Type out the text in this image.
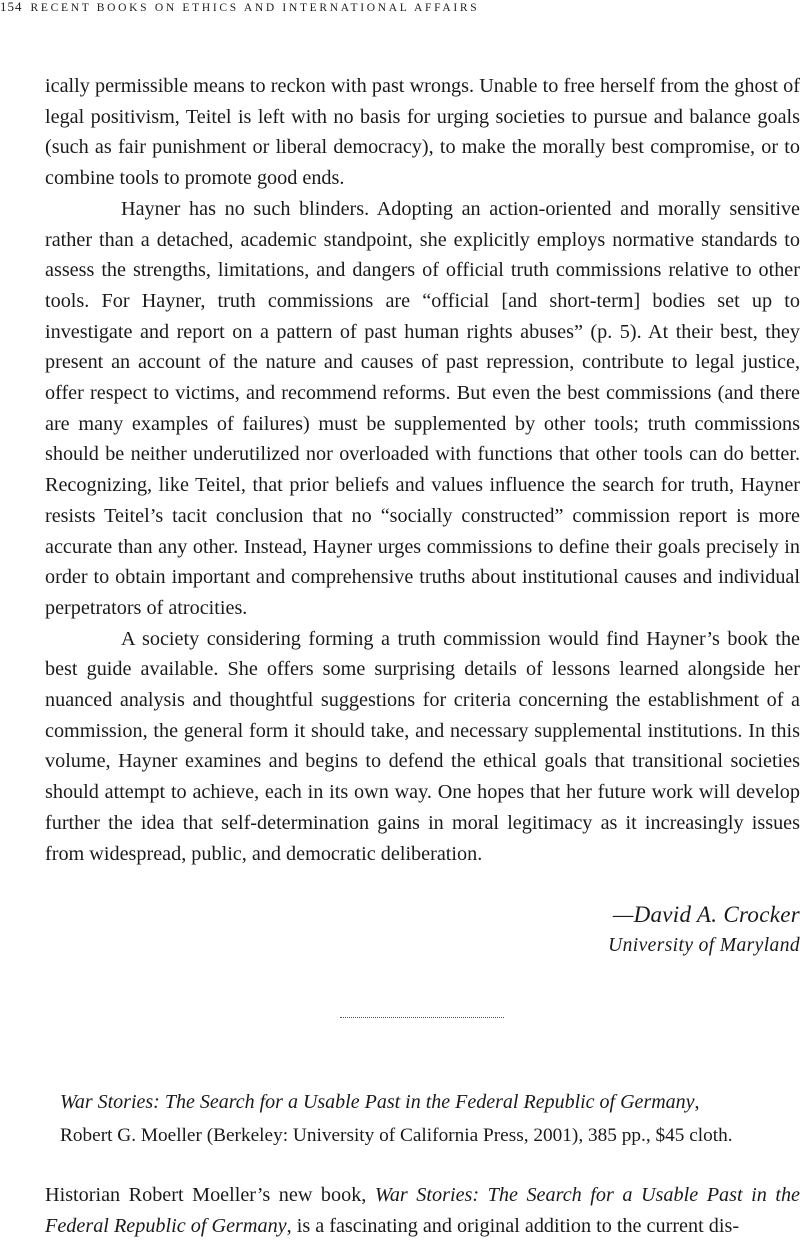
154 RECENT BOOKS ON ETHICS AND INTERNATIONAL AFFAIRS

ically permissible means to reckon with past wrongs. Unable to free herself from the ghost of legal positivism, Teitel is left with no basis for urging societies to pursue and balance goals (such as fair punishment or liberal democracy), to make the morally best compromise, or to combine tools to promote good ends.

Hayner has no such blinders. Adopting an action-oriented and morally sensitive rather than a detached, academic standpoint, she explicitly employs normative standards to assess the strengths, limitations, and dangers of official truth commissions relative to other tools. For Hayner, truth commissions are “official [and short-term] bodies set up to investigate and report on a pattern of past human rights abuses” (p. 5). At their best, they present an account of the nature and causes of past repression, contribute to legal justice, offer respect to victims, and recommend reforms. But even the best commissions (and there are many examples of failures) must be supplemented by other tools; truth commissions should be neither underutilized nor overloaded with functions that other tools can do better. Recognizing, like Teitel, that prior beliefs and values influence the search for truth, Hayner resists Teitel’s tacit conclusion that no “socially constructed” commission report is more accurate than any other. Instead, Hayner urges commissions to define their goals precisely in order to obtain important and comprehensive truths about institutional causes and individual perpetrators of atrocities.

A society considering forming a truth commission would find Hayner’s book the best guide available. She offers some surprising details of lessons learned alongside her nuanced analysis and thoughtful suggestions for criteria concerning the establishment of a commission, the general form it should take, and necessary supplemental institutions. In this volume, Hayner examines and begins to defend the ethical goals that transitional societies should attempt to achieve, each in its own way. One hopes that her future work will develop further the idea that self-determination gains in moral legitimacy as it increasingly issues from widespread, public, and democratic deliberation.

—David A. Crocker
University of Maryland
War Stories: The Search for a Usable Past in the Federal Republic of Germany,
Robert G. Moeller (Berkeley: University of California Press, 2001), 385 pp., $45 cloth.

Historian Robert Moeller’s new book, War Stories: The Search for a Usable Past in the Federal Republic of Germany, is a fascinating and original addition to the current dis-
